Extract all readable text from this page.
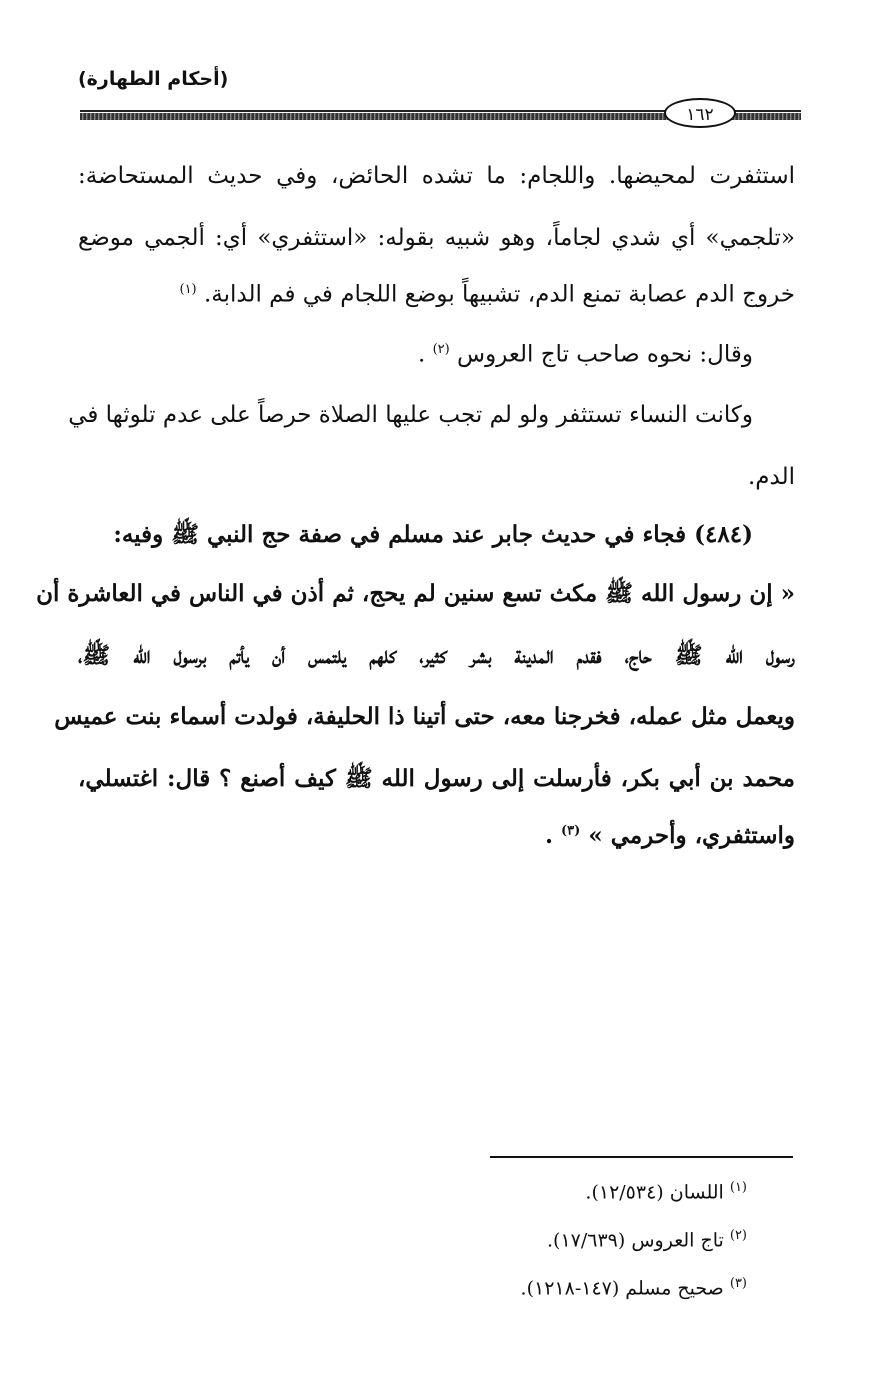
(أحكام الطهارة)
١٦٢
استثفرت لمحيضها. واللجام: ما تشده الحائض، وفي حديث المستحاضة:
«تلجمي» أي شدي لجاماً، وهو شبيه بقوله: «استثفري» أي: ألجمي موضع
خروج الدم عصابة تمنع الدم، تشبيهاً بوضع اللجام في فم الدابة. $^{(١)}$
وقال: نحوه صاحب تاج العروس $^{(٢)}$ .
وكانت النساء تستثفر ولو لم تجب عليها الصلاة حرصاً على عدم تلوثها في
الدم.
(٤٨٤) فجاء في حديث جابر عند مسلم في صفة حج النبي ﷺ وفيه:
« إن رسول الله ﷺ مكث تسع سنين لم يحج، ثم أذن في الناس في العاشرة أن
رسول الله ﷺ حاج، فقدم المدينة بشر كثير، كلهم يلتمس أن يأتم برسول الله ﷺ،
ويعمل مثل عمله، فخرجنا معه، حتى أتينا ذا الحليفة، فولدت أسماء بنت عميس
محمد بن أبي بكر، فأرسلت إلى رسول الله ﷺ كيف أصنع ؟ قال: اغتسلي،
واستثفري، وأحرمي » $^{(٣)}$ .
$^{(١)}$ اللسان (١٢/٥٣٤).
$^{(٢)}$ تاج العروس (١٧/٦٣٩).
$^{(٣)}$ صحيح مسلم (١٤٧-١٢١٨).
